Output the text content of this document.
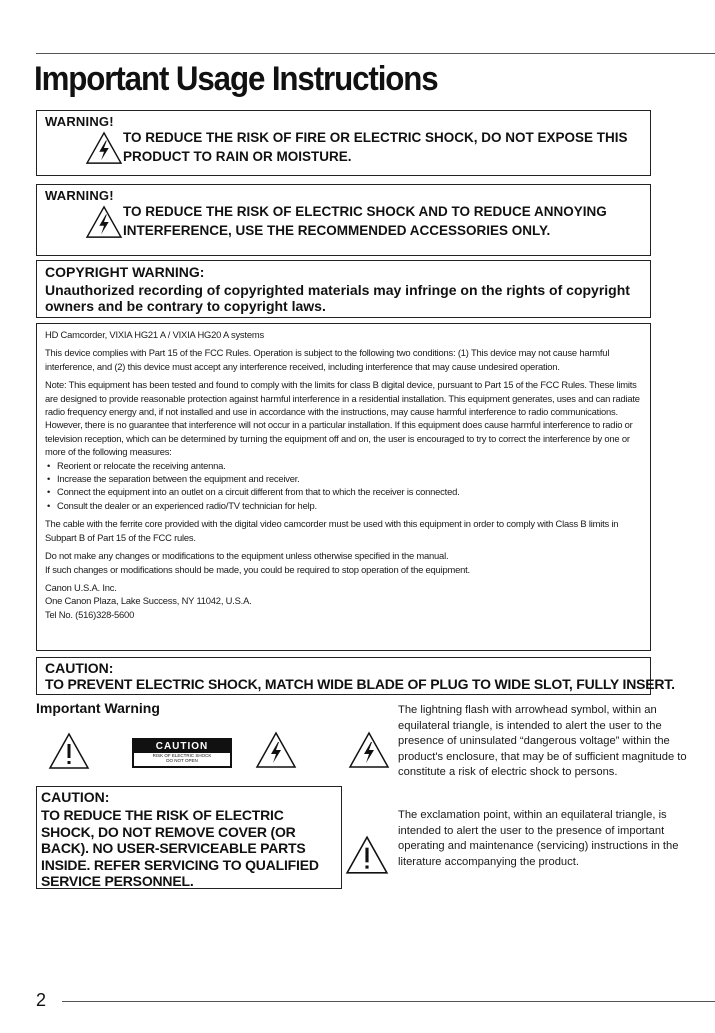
Important Usage Instructions
WARNING!
TO REDUCE THE RISK OF FIRE OR ELECTRIC SHOCK, DO NOT EXPOSE THIS PRODUCT TO RAIN OR MOISTURE.
WARNING!
TO REDUCE THE RISK OF ELECTRIC SHOCK AND TO REDUCE ANNOYING INTERFERENCE, USE THE RECOMMENDED ACCESSORIES ONLY.
COPYRIGHT WARNING:
Unauthorized recording of copyrighted materials may infringe on the rights of copyright owners and be contrary to copyright laws.

HD Camcorder, VIXIA HG21 A / VIXIA HG20 A systems

This device complies with Part 15 of the FCC Rules. Operation is subject to the following two conditions: (1) This device may not cause harmful interference, and (2) this device must accept any interference received, including interference that may cause undesired operation.

Note: This equipment has been tested and found to comply with the limits for class B digital device, pursuant to Part 15 of the FCC Rules. These limits are designed to provide reasonable protection against harmful interference in a residential installation. This equipment generates, uses and can radiate radio frequency energy and, if not installed and use in accordance with the instructions, may cause harmful interference to radio communications. However, there is no guarantee that interference will not occur in a particular installation. If this equipment does cause harmful interference to radio or television reception, which can be determined by turning the equipment off and on, the user is encouraged to try to correct the interference by one or more of the following measures:

• Reorient or relocate the receiving antenna.
• Increase the separation between the equipment and receiver.
• Connect the equipment into an outlet on a circuit different from that to which the receiver is connected.
• Consult the dealer or an experienced radio/TV technician for help.

The cable with the ferrite core provided with the digital video camcorder must be used with this equipment in order to comply with Class B limits in Subpart B of Part 15 of the FCC rules.

Do not make any changes or modifications to the equipment unless otherwise specified in the manual.

If such changes or modifications should be made, you could be required to stop operation of the equipment.

Canon U.S.A. Inc.

One Canon Plaza, Lake Success, NY 11042, U.S.A.

Tel No. (516)328-5600

CAUTION:
TO PREVENT ELECTRIC SHOCK, MATCH WIDE BLADE OF PLUG TO WIDE SLOT, FULLY INSERT.
Important Warning
CAUTION
RISK OF ELECTRIC SHOCK
DO NOT OPEN
The lightning flash with arrowhead symbol, within an equilateral triangle, is intended to alert the user to the presence of uninsulated “dangerous voltage” within the product's enclosure, that may be of sufficient magnitude to constitute a risk of electric shock to persons.
CAUTION:
TO REDUCE THE RISK OF ELECTRIC SHOCK, DO NOT REMOVE COVER (OR BACK). NO USER-SERVICEABLE PARTS INSIDE. REFER SERVICING TO QUALIFIED SERVICE PERSONNEL.
The exclamation point, within an equilateral triangle, is intended to alert the user to the presence of important operating and maintenance (servicing) instructions in the literature accompanying the product.
2
